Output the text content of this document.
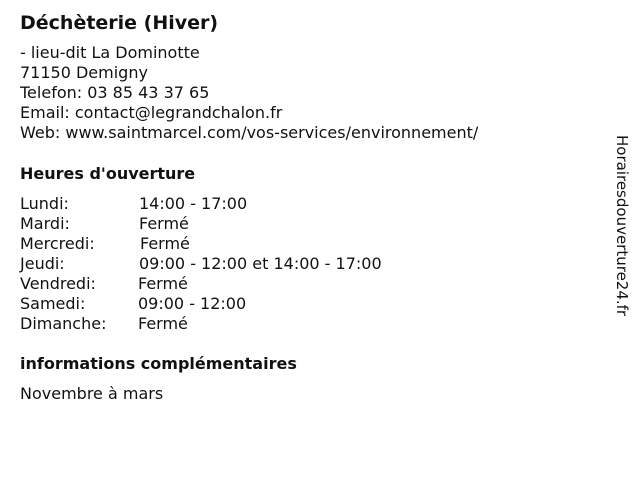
Déchèterie (Hiver)
- lieu-dit La Dominotte
71150 Demigny
Telefon: 03 85 43 37 65
Email: contact@legrandchalon.fr
Web: www.saintmarcel.com/vos-services/environnement/
Heures d'ouverture
Lundi:	14:00 - 17:00
Mardi:	Fermé
Mercredi:	Fermé
Jeudi:	09:00 - 12:00 et 14:00 - 17:00
Vendredi:	Fermé
Samedi:	09:00 - 12:00
Dimanche: Fermé
informations complémentaires
Novembre à mars
Horairesdouverture24.fr
